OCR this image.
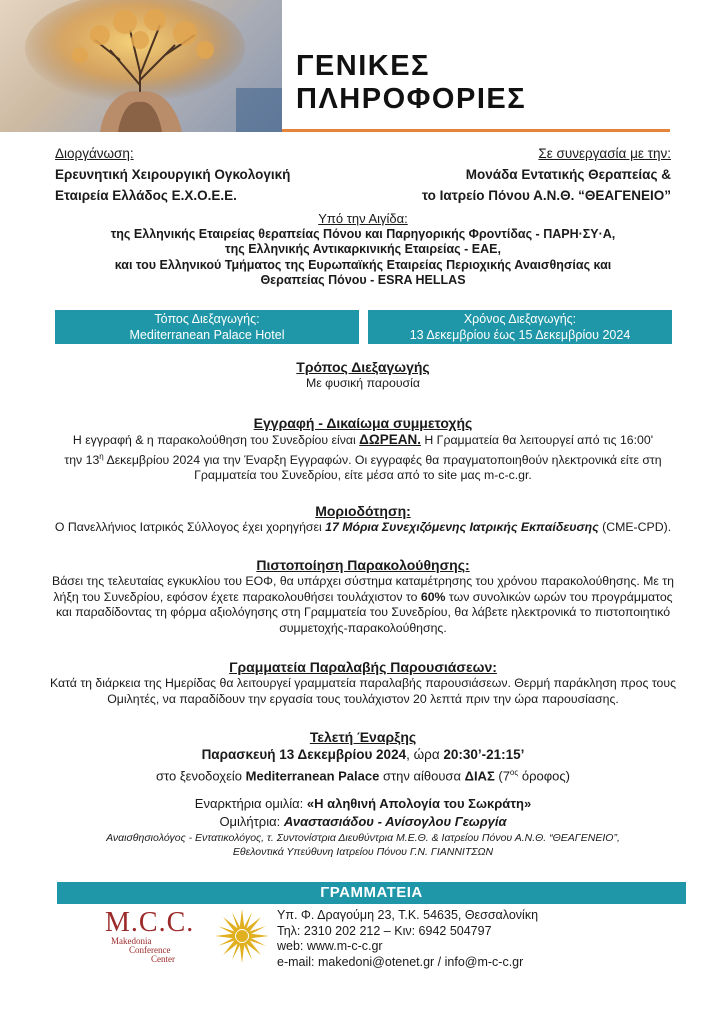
ΓΕΝΙΚΕΣ
ΠΛΗΡΟΦΟΡΙΕΣ
Διοργάνωση:
Ερευνητική Χειρουργική Ογκολογική
Εταιρεία Ελλάδος Ε.Χ.Ο.Ε.Ε.
Σε συνεργασία με την:
Μονάδα Εντατικής Θεραπείας &
το Ιατρείο Πόνου Α.Ν.Θ. “ΘΕΑΓΕΝΕΙΟ”
Υπό την Αιγίδα:
της Ελληνικής Εταιρείας θεραπείας Πόνου και Παρηγορικής Φροντίδας - ΠΑΡΗ·ΣΥ·Α,
της Ελληνικής Αντικαρκινικής Εταιρείας - ΕΑΕ,
και του Ελληνικού Τμήματος της Ευρωπαϊκής Εταιρείας Περιοχικής Αναισθησίας και
Θεραπείας Πόνου - ESRA HELLAS
Τόπος Διεξαγωγής:
Mediterranean Palace Hotel
Χρόνος Διεξαγωγής:
13 Δεκεμβρίου έως 15 Δεκεμβρίου 2024
Τρόπος Διεξαγωγής
Με φυσική παρουσία
Εγγραφή - Δικαίωμα συμμετοχής
Η εγγραφή & η παρακολούθηση του Συνεδρίου είναι ΔΩΡΕΑΝ. Η Γραμματεία θα λειτουργεί από τις 16:00'
την $13^\eta$ Δεκεμβρίου 2024 για την Έναρξη Εγγραφών. Οι εγγραφές θα πραγματοποιηθούν ηλεκτρονικά είτε στη
Γραμματεία του Συνεδρίου, είτε μέσα από το site μας m-c-c.gr.
Μοριοδότηση:
Ο Πανελλήνιος Ιατρικός Σύλλογος έχει χορηγήσει 17 Μόρια Συνεχιζόμενης Ιατρικής Εκπαίδευσης (CME-CPD).
Πιστοποίηση Παρακολούθησης:
Βάσει της τελευταίας εγκυκλίου του ΕΟΦ, θα υπάρχει σύστημα καταμέτρησης του χρόνου παρακολούθησης. Με τη
λήξη του Συνεδρίου, εφόσον έχετε παρακολουθήσει τουλάχιστον το 60% των συνολικών ωρών του προγράμματος
και παραδίδοντας τη φόρμα αξιολόγησης στη Γραμματεία του Συνεδρίου, θα λάβετε ηλεκτρονικά το πιστοποιητικό
συμμετοχής-παρακολούθησης.
Γραμματεία Παραλαβής Παρουσιάσεων:
Κατά τη διάρκεια της Ημερίδας θα λειτουργεί γραμματεία παραλαβής παρουσιάσεων. Θερμή παράκληση προς τους
Ομιλητές, να παραδίδουν την εργασία τους τουλάχιστον 20 λεπτά πριν την ώρα παρουσίασης.
Τελετή Έναρξης
Παρασκευή 13 Δεκεμβρίου 2024, ώρα 20:30’-21:15’
στο ξενοδοχείο Mediterranean Palace στην αίθουσα ΔΙΑΣ ($7^{o\varsigma}$ όροφος)
Εναρκτήρια ομιλία: «Η αληθινή Απολογία του Σωκράτη»
Ομιλήτρια: Αναστασιάδου - Ανίσογλου Γεωργία
Αναισθησιολόγος - Εντατικολόγος, τ. Συντονίστρια Διευθύντρια Μ.Ε.Θ. & Ιατρείου Πόνου Α.Ν.Θ. “ΘΕΑΓΕΝΕΙΟ”,
Εθελοντικά Υπεύθυνη Ιατρείου Πόνου Γ.Ν. ΓΙΑΝΝΙΤΣΩΝ
ΓΡΑΜΜΑΤΕΙΑ
M.C.C.
Makedonia
Conference
Center
Υπ. Φ. Δραγούμη 23, Τ.Κ. 54635, Θεσσαλονίκη
Τηλ: 2310 202 212 – Κιν: 6942 504797
web: www.m-c-c.gr
e-mail: makedoni@otenet.gr / info@m-c-c.gr
